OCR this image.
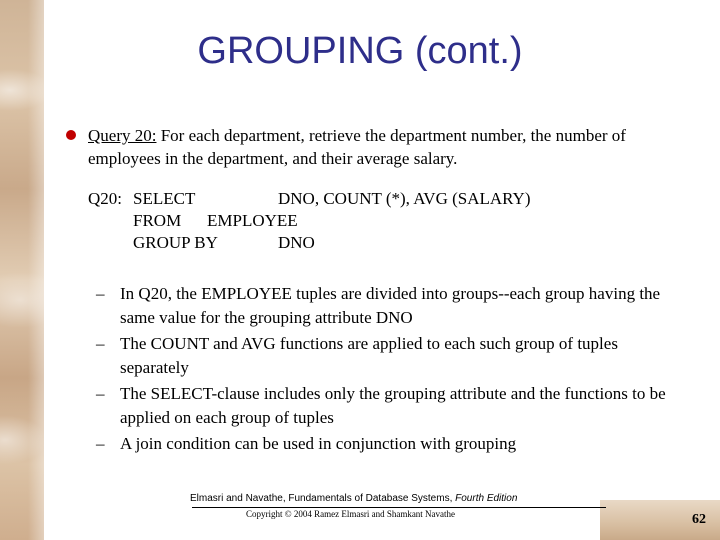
GROUPING (cont.)
Query 20: For each department, retrieve the department number, the number of employees in the department, and their average salary.
Q20: SELECT	DNO, COUNT (*), AVG (SALARY)
FROM EMPLOYEE
GROUP BY	DNO
– In Q20, the EMPLOYEE tuples are divided into groups--each group having the same value for the grouping attribute DNO
– The COUNT and AVG functions are applied to each such group of tuples separately
– The SELECT-clause includes only the grouping attribute and the functions to be applied on each group of tuples
– A join condition can be used in conjunction with grouping
Elmasri and Navathe, Fundamentals of Database Systems, Fourth Edition
Copyright © 2004 Ramez Elmasri and Shamkant Navathe	62
